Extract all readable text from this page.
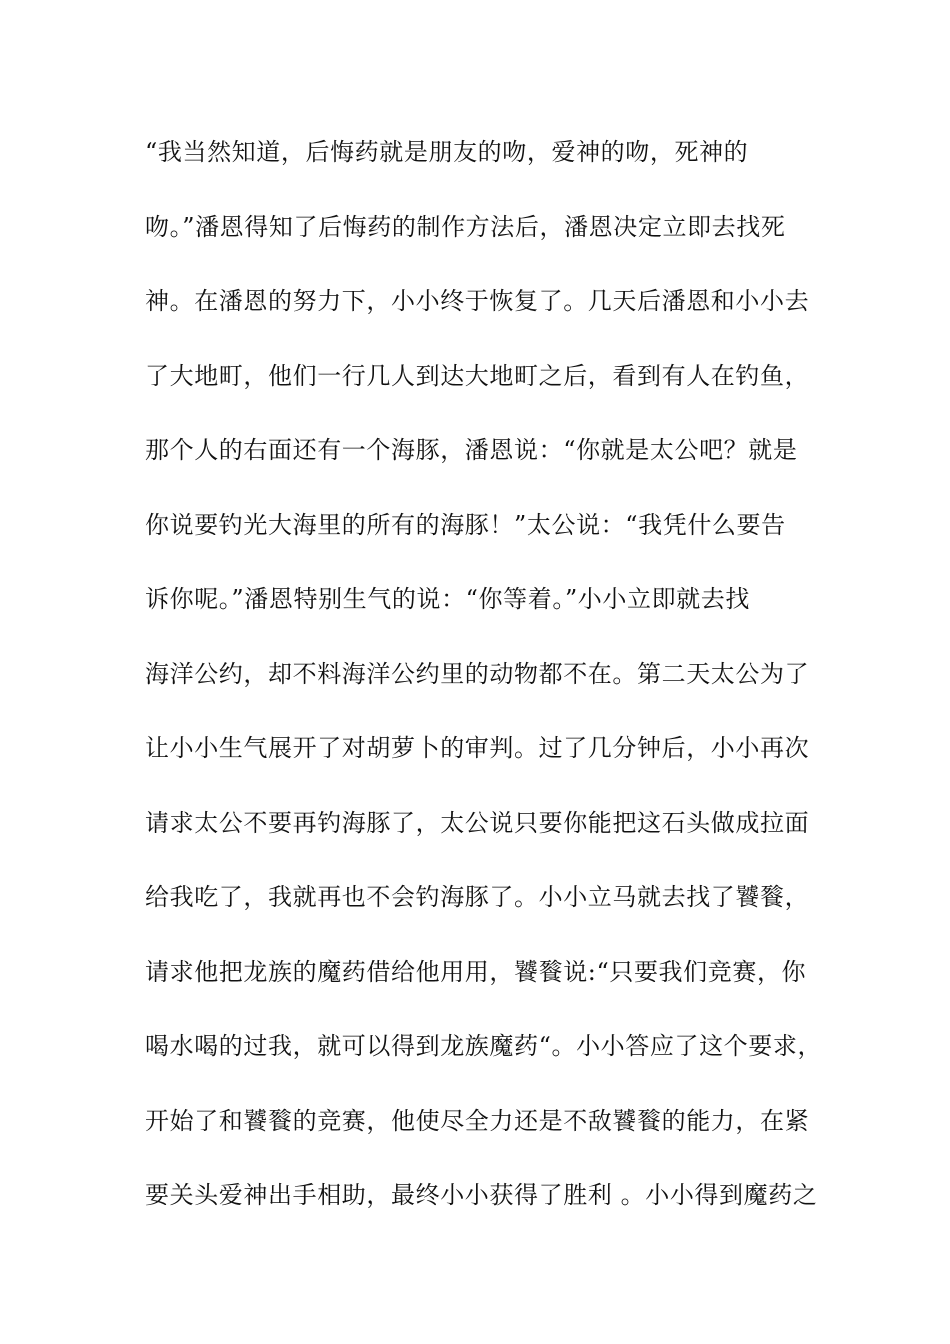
“我当然知道，后悔药就是朋友的吻，爱神的吻，死神的
吻。”潘恩得知了后悔药的制作方法后，潘恩决定立即去找死
神。在潘恩的努力下，小小终于恢复了。几天后潘恩和小小去
了大地町，他们一行几人到达大地町之后，看到有人在钓鱼，
那个人的右面还有一个海豚，潘恩说：“你就是太公吧？就是
你说要钓光大海里的所有的海豚！”太公说：“我凭什么要告
诉你呢。”潘恩特别生气的说：“你等着。”小小立即就去找
海洋公约，却不料海洋公约里的动物都不在。第二天太公为了
让小小生气展开了对胡萝卜的审判。过了几分钟后，小小再次
请求太公不要再钓海豚了，太公说只要你能把这石头做成拉面
给我吃了，我就再也不会钓海豚了。小小立马就去找了饕餮，
请求他把龙族的魔药借给他用用，饕餮说:“只要我们竞赛，你
喝水喝的过我，就可以得到龙族魔药“。小小答应了这个要求，
开始了和饕餮的竞赛，他使尽全力还是不敌饕餮的能力，在紧
要关头爱神出手相助，最终小小获得了胜利 。小小得到魔药之
